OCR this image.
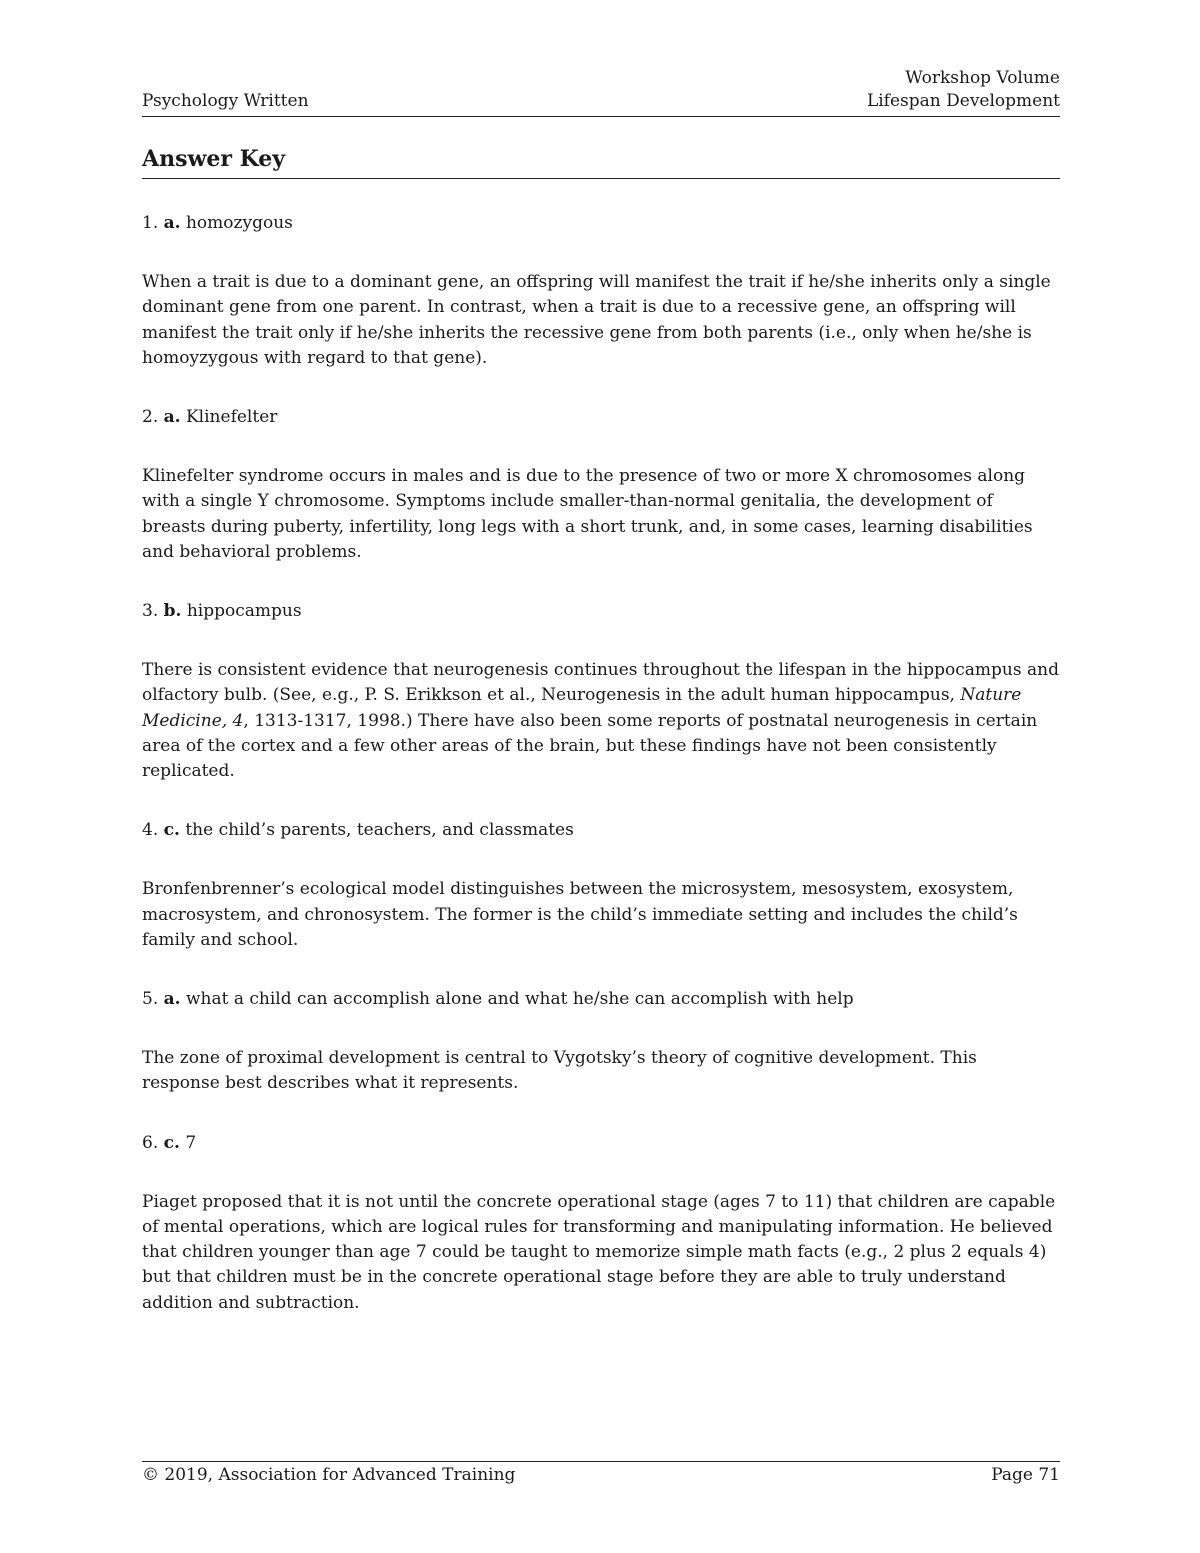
Workshop Volume
Psychology Written	Lifespan Development
Answer Key
1. a. homozygous
When a trait is due to a dominant gene, an offspring will manifest the trait if he/she inherits only a single dominant gene from one parent. In contrast, when a trait is due to a recessive gene, an offspring will manifest the trait only if he/she inherits the recessive gene from both parents (i.e., only when he/she is homoyzygous with regard to that gene).
2. a. Klinefelter
Klinefelter syndrome occurs in males and is due to the presence of two or more X chromosomes along with a single Y chromosome. Symptoms include smaller-than-normal genitalia, the development of breasts during puberty, infertility, long legs with a short trunk, and, in some cases, learning disabilities and behavioral problems.
3. b. hippocampus
There is consistent evidence that neurogenesis continues throughout the lifespan in the hippocampus and olfactory bulb. (See, e.g., P. S. Erikkson et al., Neurogenesis in the adult human hippocampus, Nature Medicine, 4, 1313-1317, 1998.) There have also been some reports of postnatal neurogenesis in certain area of the cortex and a few other areas of the brain, but these findings have not been consistently replicated.
4. c. the child’s parents, teachers, and classmates
Bronfenbrenner’s ecological model distinguishes between the microsystem, mesosystem, exosystem, macrosystem, and chronosystem. The former is the child’s immediate setting and includes the child’s family and school.
5. a. what a child can accomplish alone and what he/she can accomplish with help
The zone of proximal development is central to Vygotsky’s theory of cognitive development. This response best describes what it represents.
6. c. 7
Piaget proposed that it is not until the concrete operational stage (ages 7 to 11) that children are capable of mental operations, which are logical rules for transforming and manipulating information. He believed that children younger than age 7 could be taught to memorize simple math facts (e.g., 2 plus 2 equals 4) but that children must be in the concrete operational stage before they are able to truly understand addition and subtraction.
© 2019, Association for Advanced Training	Page 71
